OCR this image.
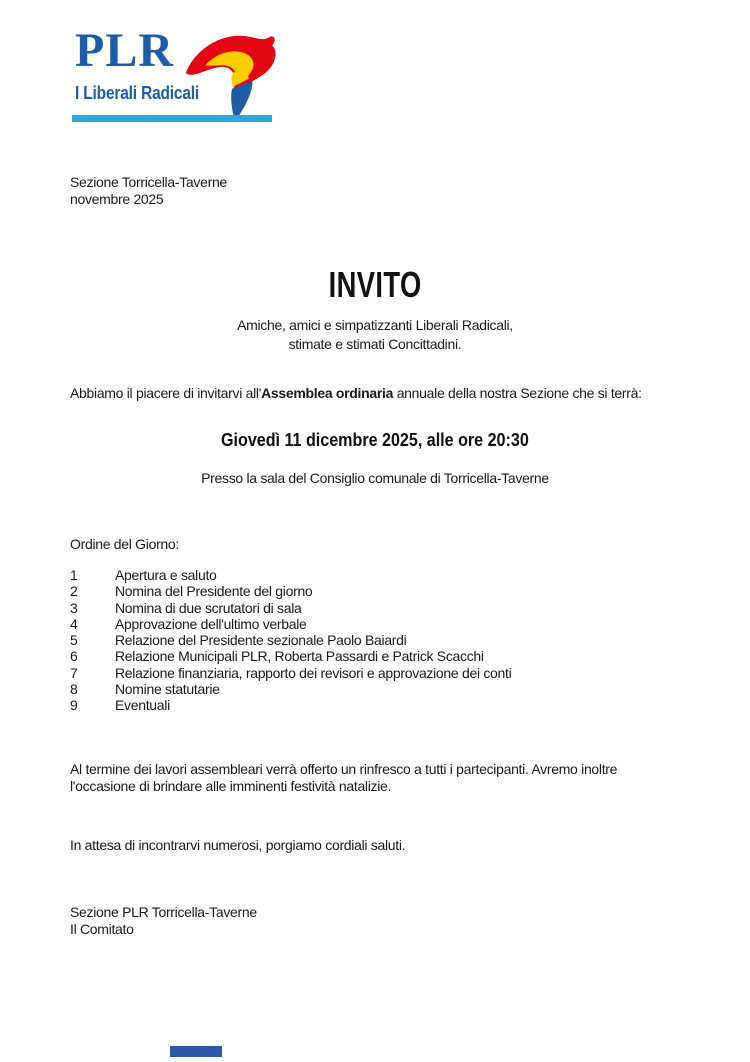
PLR
I Liberali Radicali
Sezione Torricella-Taverne
novembre 2025
INVITO
Amiche, amici e simpatizzanti Liberali Radicali,
stimate e stimati Concittadini.
Abbiamo il piacere di invitarvi all'Assemblea ordinaria annuale della nostra Sezione che si terrà:
Giovedì 11 dicembre 2025, alle ore 20:30
Presso la sala del Consiglio comunale di Torricella-Taverne
Ordine del Giorno:
1	Apertura e saluto
2	Nomina del Presidente del giorno
3	Nomina di due scrutatori di sala
4	Approvazione dell'ultimo verbale
5	Relazione del Presidente sezionale Paolo Baiardi
6	Relazione Municipali PLR, Roberta Passardi e Patrick Scacchi
7	Relazione finanziaria, rapporto dei revisori e approvazione dei conti
8	Nomine statutarie
9	Eventuali
Al termine dei lavori assembleari verrà offerto un rinfresco a tutti i partecipanti. Avremo inoltre
l'occasione di brindare alle imminenti festività natalizie.
In attesa di incontrarvi numerosi, porgiamo cordiali saluti.
Sezione PLR Torricella-Taverne
Il Comitato
